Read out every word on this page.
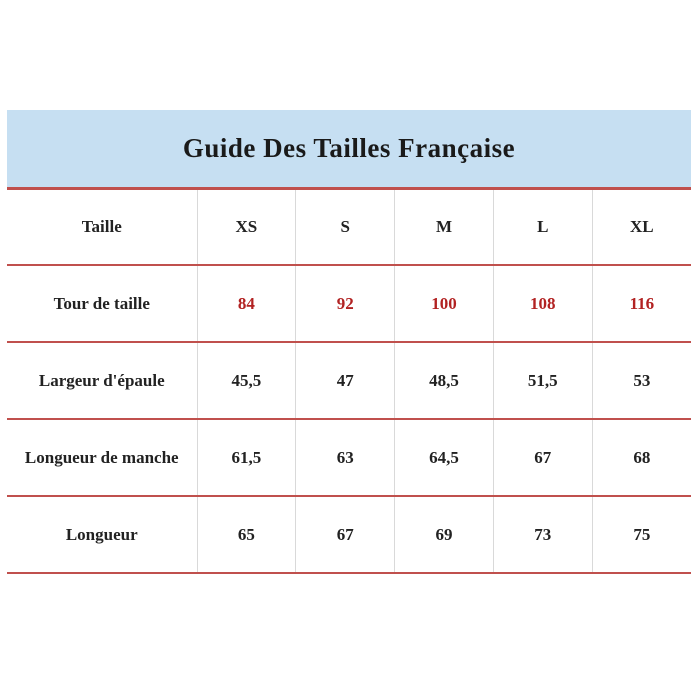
Guide Des Tailles Française
Taille	XS	S	M	L	XL
Tour de taille	84	92	100	108	116
Largeur d'épaule	45,5	47	48,5	51,5	53
Longueur de manche	61,5	63	64,5	67	68
Longueur	65	67	69	73	75
